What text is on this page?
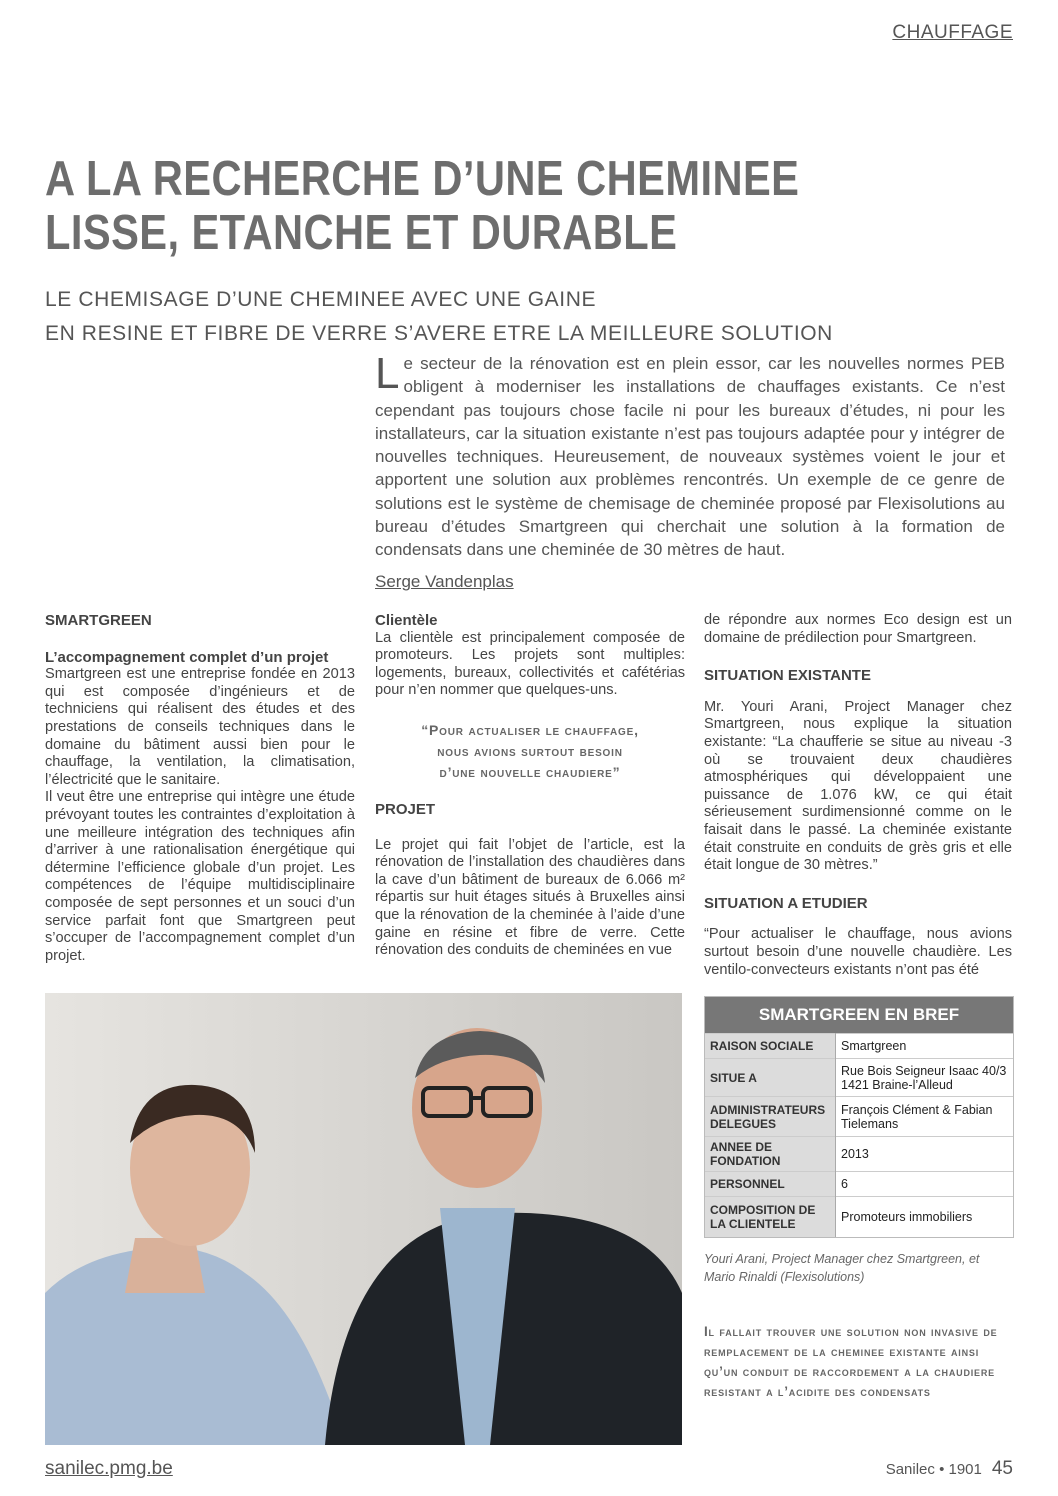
CHAUFFAGE
A LA RECHERCHE D’UNE CHEMINEE
LISSE, ETANCHE ET DURABLE
LE CHEMISAGE D’UNE CHEMINEE AVEC UNE GAINE
EN RESINE ET FIBRE DE VERRE S’AVERE ETRE LA MEILLEURE SOLUTION
Le secteur de la rénovation est en plein essor, car les nouvelles normes PEB obligent à moderniser les installations de chauffages existants. Ce n’est cependant pas toujours chose facile ni pour les bureaux d’études, ni pour les installateurs, car la situation existante n’est pas toujours adaptée pour y intégrer de nouvelles techniques. Heureusement, de nouveaux systèmes voient le jour et apportent une solution aux problèmes rencontrés. Un exemple de ce genre de solutions est le système de chemisage de cheminée proposé par Flexisolutions au bureau d’études Smartgreen qui cherchait une solution à la formation de condensats dans une cheminée de 30 mètres de haut.
Serge Vandenplas
SMARTGREEN
L’accompagnement complet d’un projet

Smartgreen est une entreprise fondée en 2013 qui est composée d’ingénieurs et de techniciens qui réalisent des études et des prestations de conseils techniques dans le domaine du bâtiment aussi bien pour le chauffage, la ventilation, la climatisation, l’électricité que le sanitaire.

Il veut être une entreprise qui intègre une étude prévoyant toutes les contraintes d’exploitation à une meilleure intégration des techniques afin d’arriver à une rationalisation énergétique qui détermine l’efficience globale d’un projet. Les compétences de l’équipe multidisciplinaire composée de sept personnes et un souci d’un service parfait font que Smartgreen peut s’occuper de l’accompagnement complet d’un projet.

Clientèle

La clientèle est principalement composée de promoteurs. Les projets sont multiples: logements, bureaux, collectivités et cafétérias pour n’en nommer que quelques-uns.

“Pour actualiser le chauffage,
nous avions surtout besoin
d’une nouvelle chaudiere”
PROJET

Le projet qui fait l’objet de l’article, est la rénovation de l’installation des chaudières dans la cave d’un bâtiment de bureaux de 6.066 m² répartis sur huit étages situés à Bruxelles ainsi que la rénovation de la cheminée à l’aide d’une gaine en résine et fibre de verre. Cette rénovation des conduits de cheminées en vue

de répondre aux normes Eco design est un domaine de prédilection pour Smartgreen.

SITUATION EXISTANTE

Mr. Youri Arani, Project Manager chez Smartgreen, nous explique la situation existante: “La chaufferie se situe au niveau -3 où se trouvaient deux chaudières atmosphériques qui développaient une puissance de 1.076 kW, ce qui était sérieusement surdimensionné comme on le faisait dans le passé. La cheminée existante était construite en conduits de grès gris et elle était longue de 30 mètres.”

SITUATION A ETUDIER

“Pour actualiser le chauffage, nous avions surtout besoin d’une nouvelle chaudière. Les ventilo-convecteurs existants n’ont pas été

SMARTGREEN EN BREF
RAISON SOCIALE	Smartgreen
SITUE A	Rue Bois Seigneur Isaac 40/3 1421 Braine-l’Alleud
ADMINISTRATEURS DELEGUES	François Clément & Fabian Tielemans
ANNEE DE FONDATION	2013
PERSONNEL	6
COMPOSITION DE LA CLIENTELE	Promoteurs immobiliers
Youri Arani, Project Manager chez Smartgreen, et Mario Rinaldi (Flexisolutions)
Il fallait trouver une solution non invasive de remplacement de la cheminee existante ainsi qu’un conduit de raccordement a la chaudiere resistant a l’acidite des condensats
sanilec.pmg.be	Sanilec • 1901 45
